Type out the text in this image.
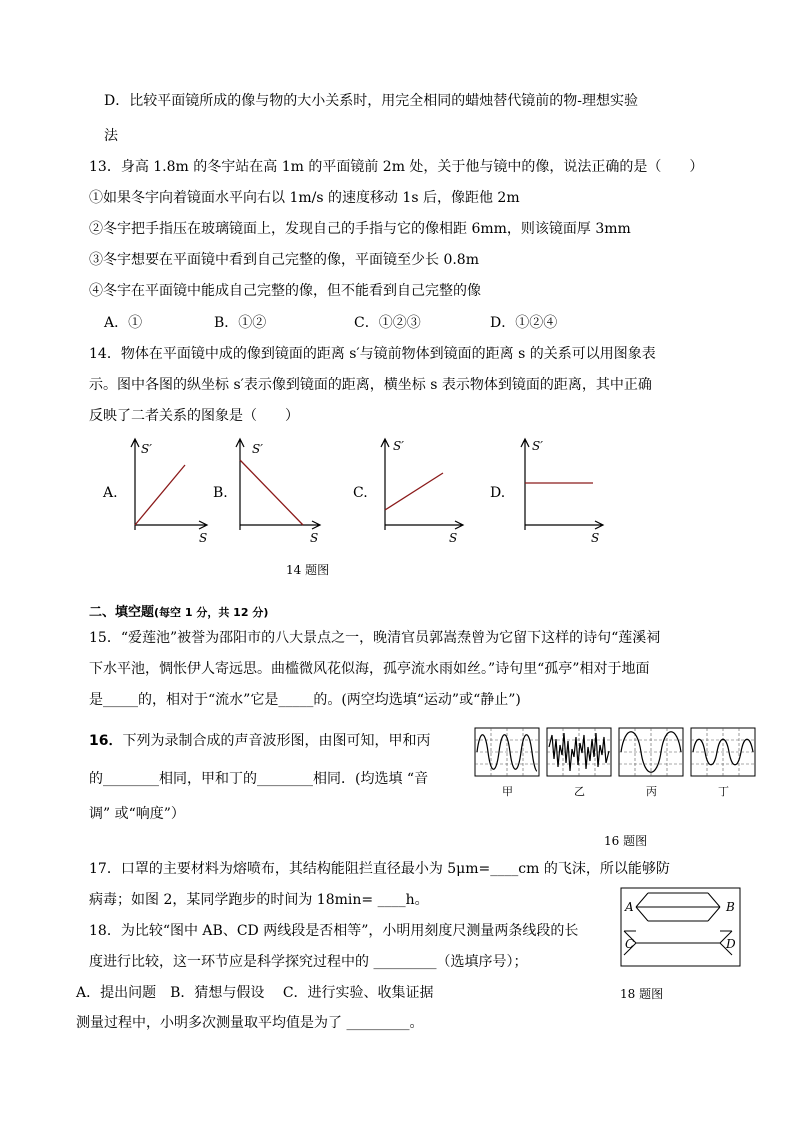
D．比较平面镜所成的像与物的大小关系时，用完全相同的蜡烛替代镜前的物-理想实验
法
13．身高 1.8m 的冬宇站在高 1m 的平面镜前 2m 处，关于他与镜中的像，说法正确的是（　　）
①如果冬宇向着镜面水平向右以 1m/s 的速度移动 1s 后，像距他 2m
②冬宇把手指压在玻璃镜面上，发现自己的手指与它的像相距 6mm，则该镜面厚 3mm
③冬宇想要在平面镜中看到自己完整的像，平面镜至少长 0.8m
④冬宇在平面镜中能成自己完整的像，但不能看到自己完整的像
A．①	B．①②	C．①②③	D．①②④
14．物体在平面镜中成的像到镜面的距离 s′与镜前物体到镜面的距离 s 的关系可以用图象表
示。图中各图的纵坐标 s′表示像到镜面的距离，横坐标 s 表示物体到镜面的距离，其中正确
反映了二者关系的图象是（　　）
A.
S′
S
B.
S′
S
C.
S′
S
D.
S′
S
14 题图
二、填空题(每空 1 分，共 12 分)
15．“爱莲池”被誉为邵阳市的八大景点之一，晚清官员郭嵩焘曾为它留下这样的诗句“莲溪祠
下水平池，惆怅伊人寄远思。曲槛微风花似海，孤亭流水雨如丝。”诗句里“孤亭”相对于地面
是_____的，相对于“流水”它是_____的。(两空均选填“运动”或“静止”)
16．下列为录制合成的声音波形图，由图可知，甲和丙
的________相同，甲和丁的________相同．(均选填 “音
调” 或“响度”）
甲	乙	丙	丁
16 题图
17．口罩的主要材料为熔喷布，其结构能阻拦直径最小为 5μm=____cm 的飞沫，所以能够防
病毒；如图 2，某同学跑步的时间为 18min= ____h。
18．为比较“图中 AB、CD 两线段是否相等”，小明用刻度尺测量两条线段的长
度进行比较，这一环节应是科学探究过程中的 _________（选填序号）；
A．提出问题　B．猜想与假设　 C．进行实验、收集证据
测量过程中，小明多次测量取平均值是为了 _________。
A	B
C	D
18 题图
